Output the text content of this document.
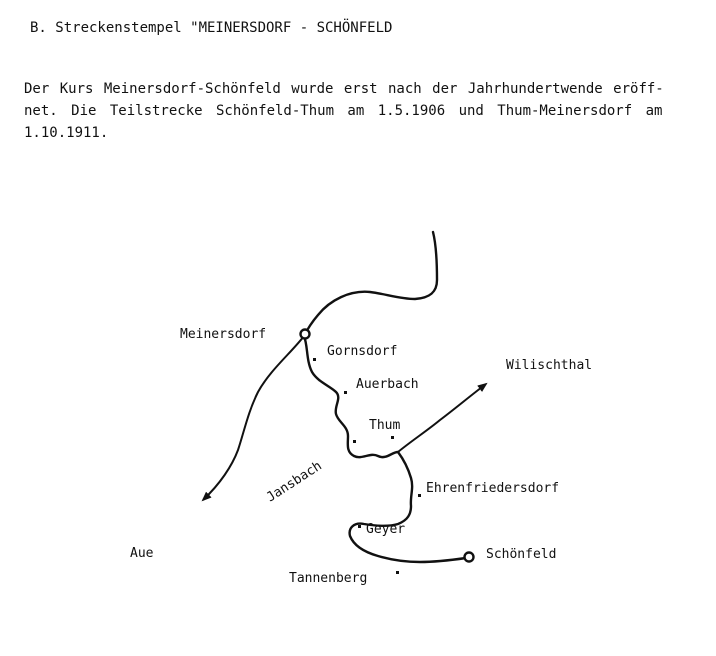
B. Streckenstempel "MEINERSDORF - SCHÖNFELD
Der Kurs Meinersdorf-Schönfeld wurde erst nach der Jahrhundertwende eröff-
net. Die Teilstrecke Schönfeld-Thum am 1.5.1906 und Thum-Meinersdorf am
1.10.1911.
Meinersdorf
Gornsdorf
Wilischthal
Auerbach
Thum
Jansbach	Ehrenfriedersdorf
Geyer
Aue	Schönfeld
Tannenberg
